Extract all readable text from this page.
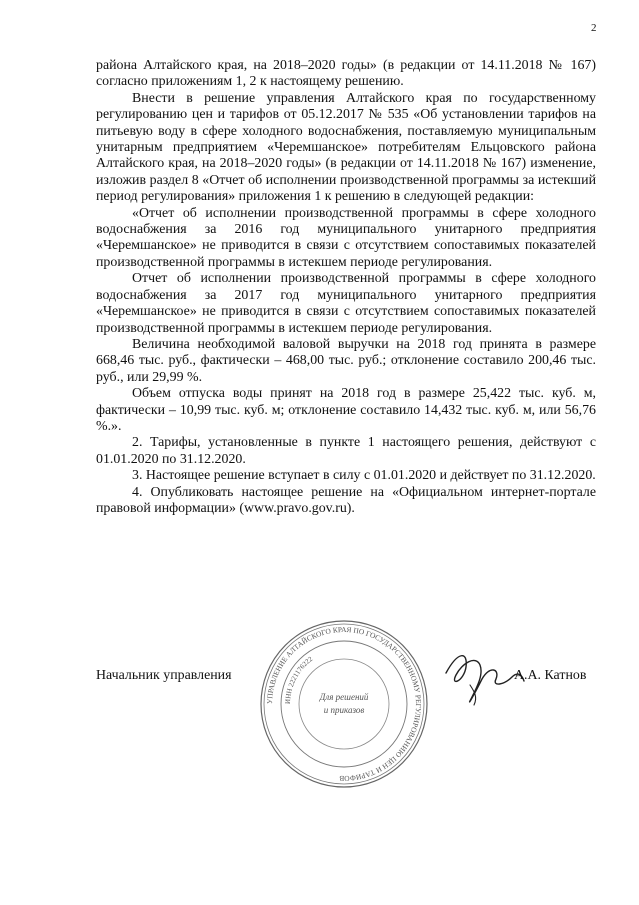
2

района Алтайского края, на 2018–2020 годы» (в редакции от 14.11.2018 № 167) согласно приложениям 1, 2 к настоящему решению.

Внести в решение управления Алтайского края по государственному регулированию цен и тарифов от 05.12.2017 № 535 «Об установлении тарифов на питьевую воду в сфере холодного водоснабжения, поставляемую муниципальным унитарным предприятием «Черемшанское» потребителям Ельцовского района Алтайского края, на 2018–2020 годы» (в редакции от 14.11.2018 № 167) изменение, изложив раздел 8 «Отчет об исполнении производственной программы за истекший период регулирования» приложения 1 к решению в следующей редакции:

«Отчет об исполнении производственной программы в сфере холодного водоснабжения за 2016 год муниципального унитарного предприятия «Черемшанское» не приводится в связи с отсутствием сопоставимых показателей производственной программы в истекшем периоде регулирования.

Отчет об исполнении производственной программы в сфере холодного водоснабжения за 2017 год муниципального унитарного предприятия «Черемшанское» не приводится в связи с отсутствием сопоставимых показателей производственной программы в истекшем периоде регулирования.

Величина необходимой валовой выручки на 2018 год принята в размере 668,46 тыс. руб., фактически – 468,00 тыс. руб.; отклонение составило 200,46 тыс. руб., или 29,99 %.

Объем отпуска воды принят на 2018 год в размере 25,422 тыс. куб. м, фактически – 10,99 тыс. куб. м; отклонение составило 14,432 тыс. куб. м, или 56,76 %.».

2. Тарифы, установленные в пункте 1 настоящего решения, действуют с 01.01.2020 по 31.12.2020.

3. Настоящее решение вступает в силу с 01.01.2020 и действует по 31.12.2020.

4. Опубликовать настоящее решение на «Официальном интернет-портале правовой информации» (www.pravo.gov.ru).

Начальник управления
УПРАВЛЕНИЕ АЛТАЙСКОГО КРАЯ ПО ГОСУДАРСТВЕННОМУ РЕГУЛИРОВАНИЮ ЦЕН И ТАРИФОВ
ИНН 2221176222
Для решений
и приказов
А.А. Катнов
